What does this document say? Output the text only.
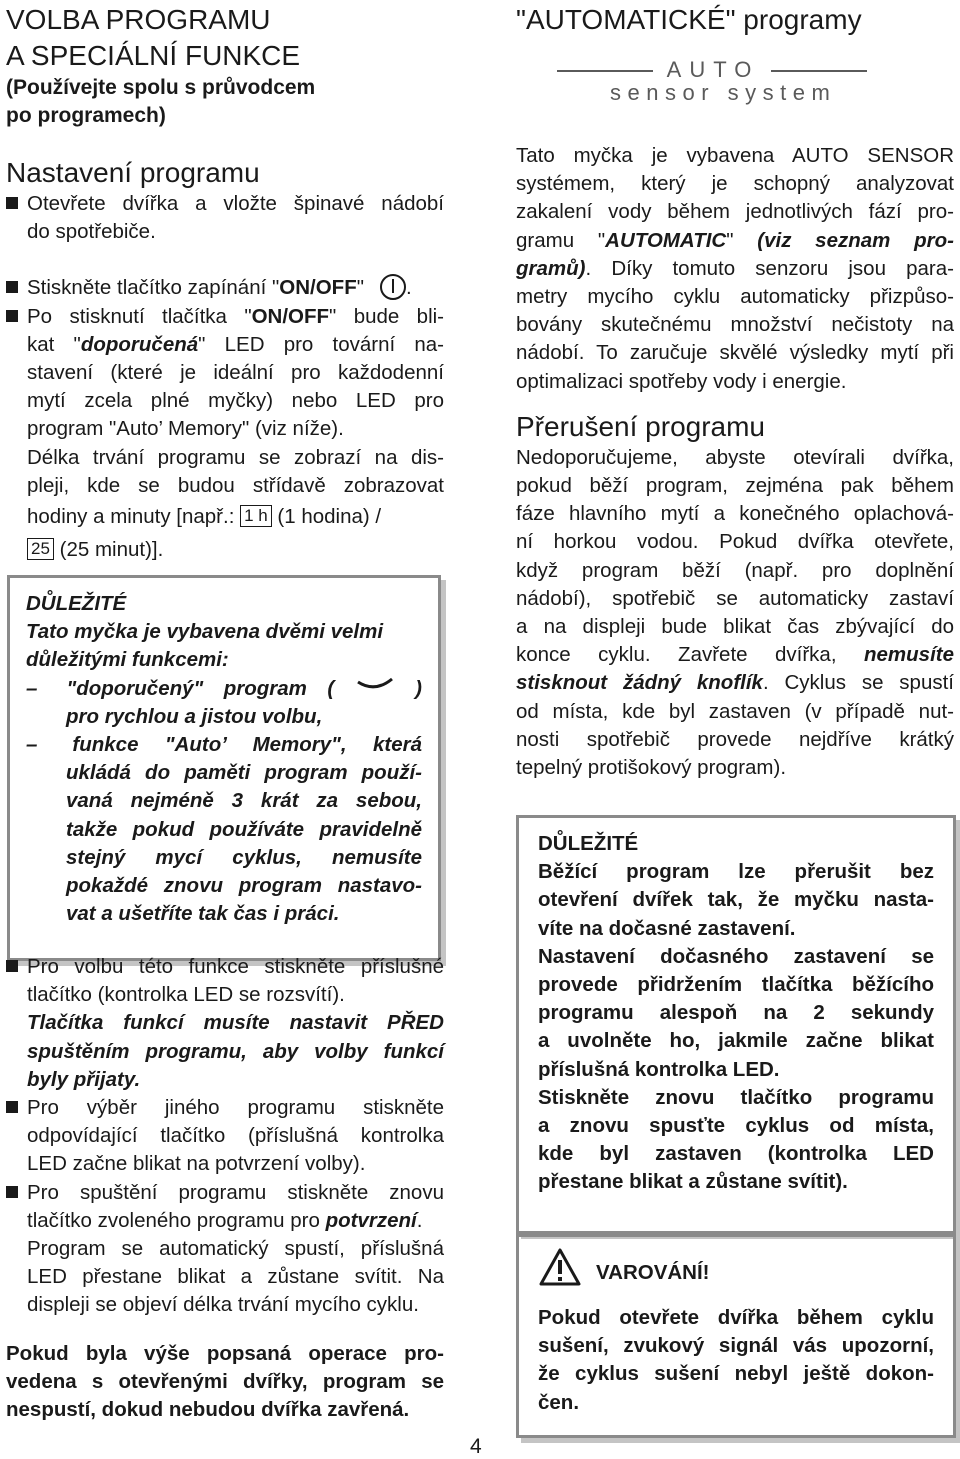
VOLBA PROGRAMU
A SPECIÁLNÍ FUNKCE
(Používejte spolu s průvodcem
po programech)
Nastavení programu
Otevřete dvířka a vložte špinavé nádobí
do spotřebiče.
Stiskněte tlačítko zapínání "ON/OFF" .
Po stisknutí tlačítka "ON/OFF" bude bli-
kat "doporučená" LED pro tovární na-
stavení (které je ideální pro každodenní
mytí zcela plné myčky) nebo LED pro
program "Auto’ Memory" (viz níže).
Délka trvání programu se zobrazí na dis-
pleji, kde se budou střídavě zobrazovat
hodiny a minuty [např.: 1 h (1 hodina) /
25 (25 minut)].
DŮLEŽITÉ
Tato myčka je vybavena dvěmi velmi
důležitými funkcemi:
– "doporučený" program (	)
pro rychlou a jistou volbu,
– funkce "Auto’ Memory", která
ukládá do paměti program použí-
vaná nejméně 3 krát za sebou,
takže pokud používáte pravidelně
stejný mycí cyklus, nemusíte
pokaždé znovu program nastavo-
vat a ušetříte tak čas i práci.
Pro volbu této funkce stiskněte příslušné
tlačítko (kontrolka LED se rozsvítí).
Tlačítka funkcí musíte nastavit PŘED
spuštěním programu, aby volby funkcí
byly přijaty.
Pro výběr jiného programu stiskněte
odpovídající tlačítko (příslušná kontrolka
LED začne blikat na potvrzení volby).
Pro spuštění programu stiskněte znovu
tlačítko zvoleného programu pro potvrzení.
Program se automatický spustí, příslušná
LED přestane blikat a zůstane svítit. Na
displeji se objeví délka trvání mycího cyklu.
Pokud byla výše popsaná operace pro-
vedena s otevřenými dvířky, program se
nespustí, dokud nebudou dvířka zavřená.
"AUTOMATICKÉ" programy
AUTO
sensor system
Tato myčka je vybavena AUTO SENSOR
systémem, který je schopný analyzovat
zakalení vody během jednotlivých fází pro-
gramu "AUTOMATIC" (viz seznam pro-
gramů). Díky tomuto senzoru jsou para-
metry mycího cyklu automaticky přizpůso-
bovány skutečnému množství nečistoty na
nádobí. To zaručuje skvělé výsledky mytí při
optimalizaci spotřeby vody i energie.
Přerušení programu
Nedoporučujeme, abyste otevírali dvířka,
pokud běží program, zejména pak během
fáze hlavního mytí a konečného oplachová-
ní horkou vodou. Pokud dvířka otevřete,
když program běží (např. pro doplnění
nádobí), spotřebič se automaticky zastaví
a na displeji bude blikat čas zbývající do
konce cyklu. Zavřete dvířka, nemusíte
stisknout žádný knoflík. Cyklus se spustí
od místa, kde byl zastaven (v případě nut-
nosti spotřebič provede nejdříve krátký
tepelný protišokový program).
DŮLEŽITÉ
Běžící program lze přerušit bez
otevření dvířek tak, že myčku nasta-
víte na dočasné zastavení.
Nastavení dočasného zastavení se
provede přidržením tlačítka běžícího
programu alespoň na 2 sekundy
a uvolněte ho, jakmile začne blikat
příslušná kontrolka LED.
Stiskněte znovu tlačítko programu
a znovu spusťte cyklus od místa,
kde byl zastaven (kontrolka LED
přestane blikat a zůstane svítit).
VAROVÁNÍ!
Pokud otevřete dvířka během cyklu
sušení, zvukový signál vás upozorní,
že cyklus sušení nebyl ještě dokon-
čen.
4
